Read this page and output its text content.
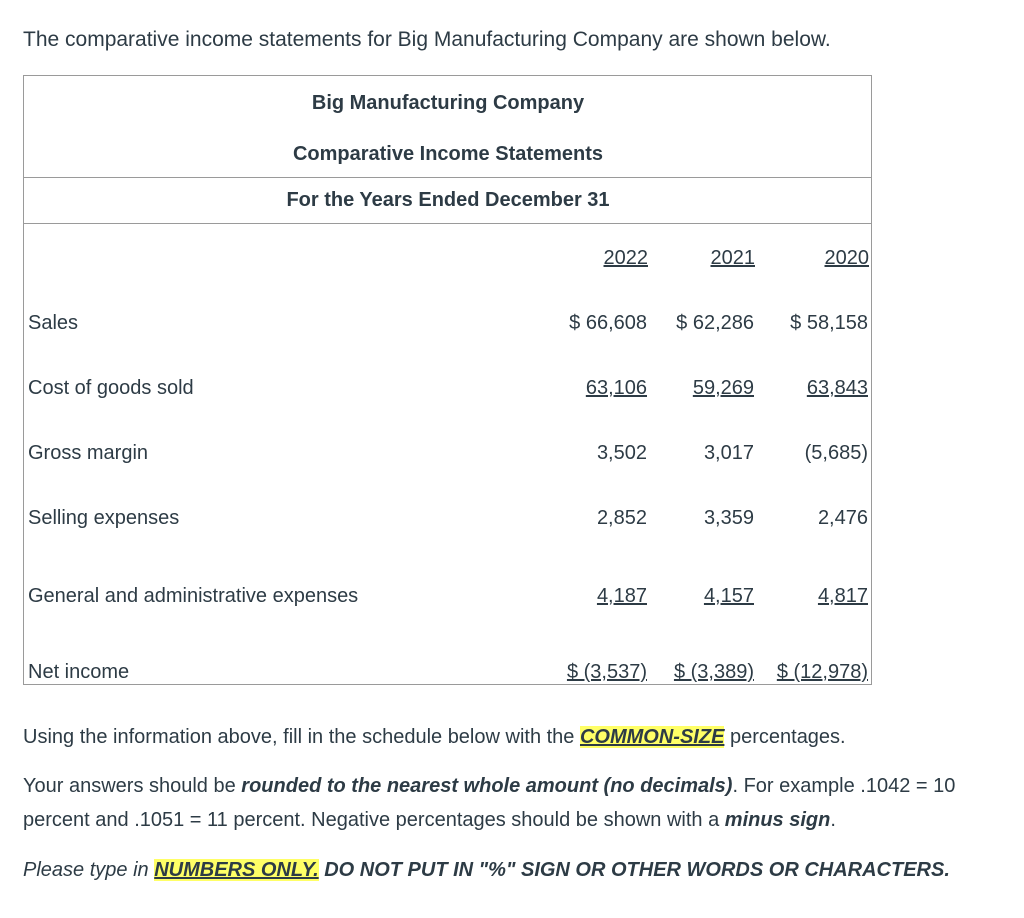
The comparative income statements for Big Manufacturing Company are shown below.
Big Manufacturing Company
Comparative Income Statements
For the Years Ended December 31
2022	2021	2020
Sales	$ 66,608 $ 62,286 $ 58,158
Cost of goods sold	63,106 59,269	63,843
Gross margin	3,502	3,017	(5,685)
Selling expenses	2,852	3,359	2,476
General and administrative expenses	4,187	4,157	4,817
Net income	$ (3,537) $ (3,389) $ (12,978)
Using the information above, fill in the schedule below with the COMMON-SIZE percentages.
Your answers should be rounded to the nearest whole amount (no decimals). For example .1042 = 10 percent and .1051 = 11 percent. Negative percentages should be shown with a minus sign.
Please type in NUMBERS ONLY. DO NOT PUT IN "%" SIGN OR OTHER WORDS OR CHARACTERS.
